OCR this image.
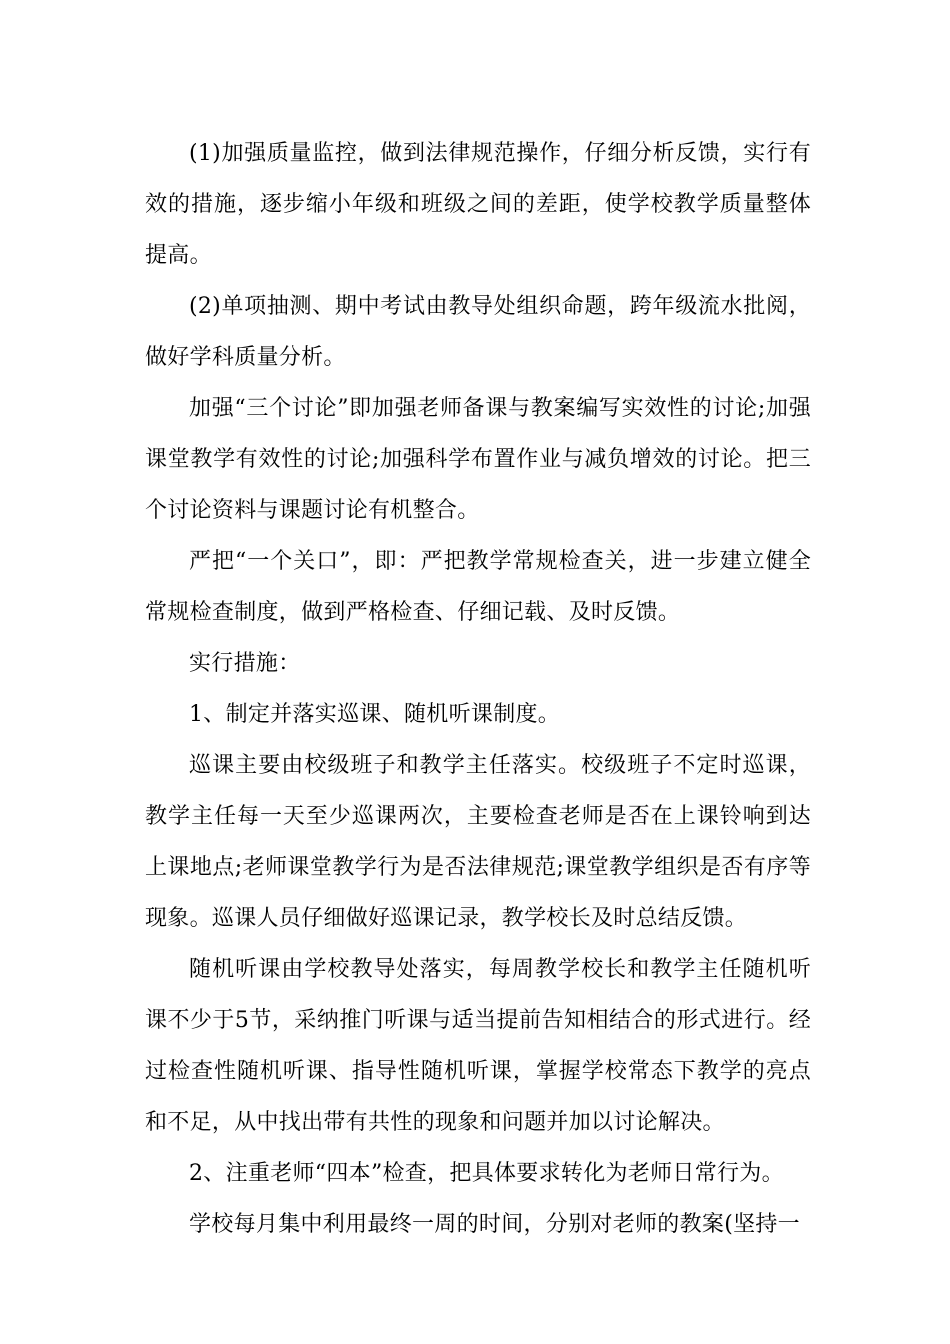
(1)加强质量监控，做到法律规范操作，仔细分析反馈，实行有效的措施，逐步缩小年级和班级之间的差距，使学校教学质量整体提高。

(2)单项抽测、期中考试由教导处组织命题，跨年级流水批阅，做好学科质量分析。

加强“三个讨论”即加强老师备课与教案编写实效性的讨论;加强课堂教学有效性的讨论;加强科学布置作业与减负增效的讨论。把三个讨论资料与课题讨论有机整合。

严把“一个关口”，即：严把教学常规检查关，进一步建立健全常规检查制度，做到严格检查、仔细记载、及时反馈。

实行措施：

1、制定并落实巡课、随机听课制度。

巡课主要由校级班子和教学主任落实。校级班子不定时巡课，教学主任每一天至少巡课两次，主要检查老师是否在上课铃响到达上课地点;老师课堂教学行为是否法律规范;课堂教学组织是否有序等现象。巡课人员仔细做好巡课记录，教学校长及时总结反馈。

随机听课由学校教导处落实，每周教学校长和教学主任随机听课不少于5节，采纳推门听课与适当提前告知相结合的形式进行。经过检查性随机听课、指导性随机听课，掌握学校常态下教学的亮点和不足，从中找出带有共性的现象和问题并加以讨论解决。

2、注重老师“四本”检查，把具体要求转化为老师日常行为。

学校每月集中利用最终一周的时间，分别对老师的教案(坚持一
